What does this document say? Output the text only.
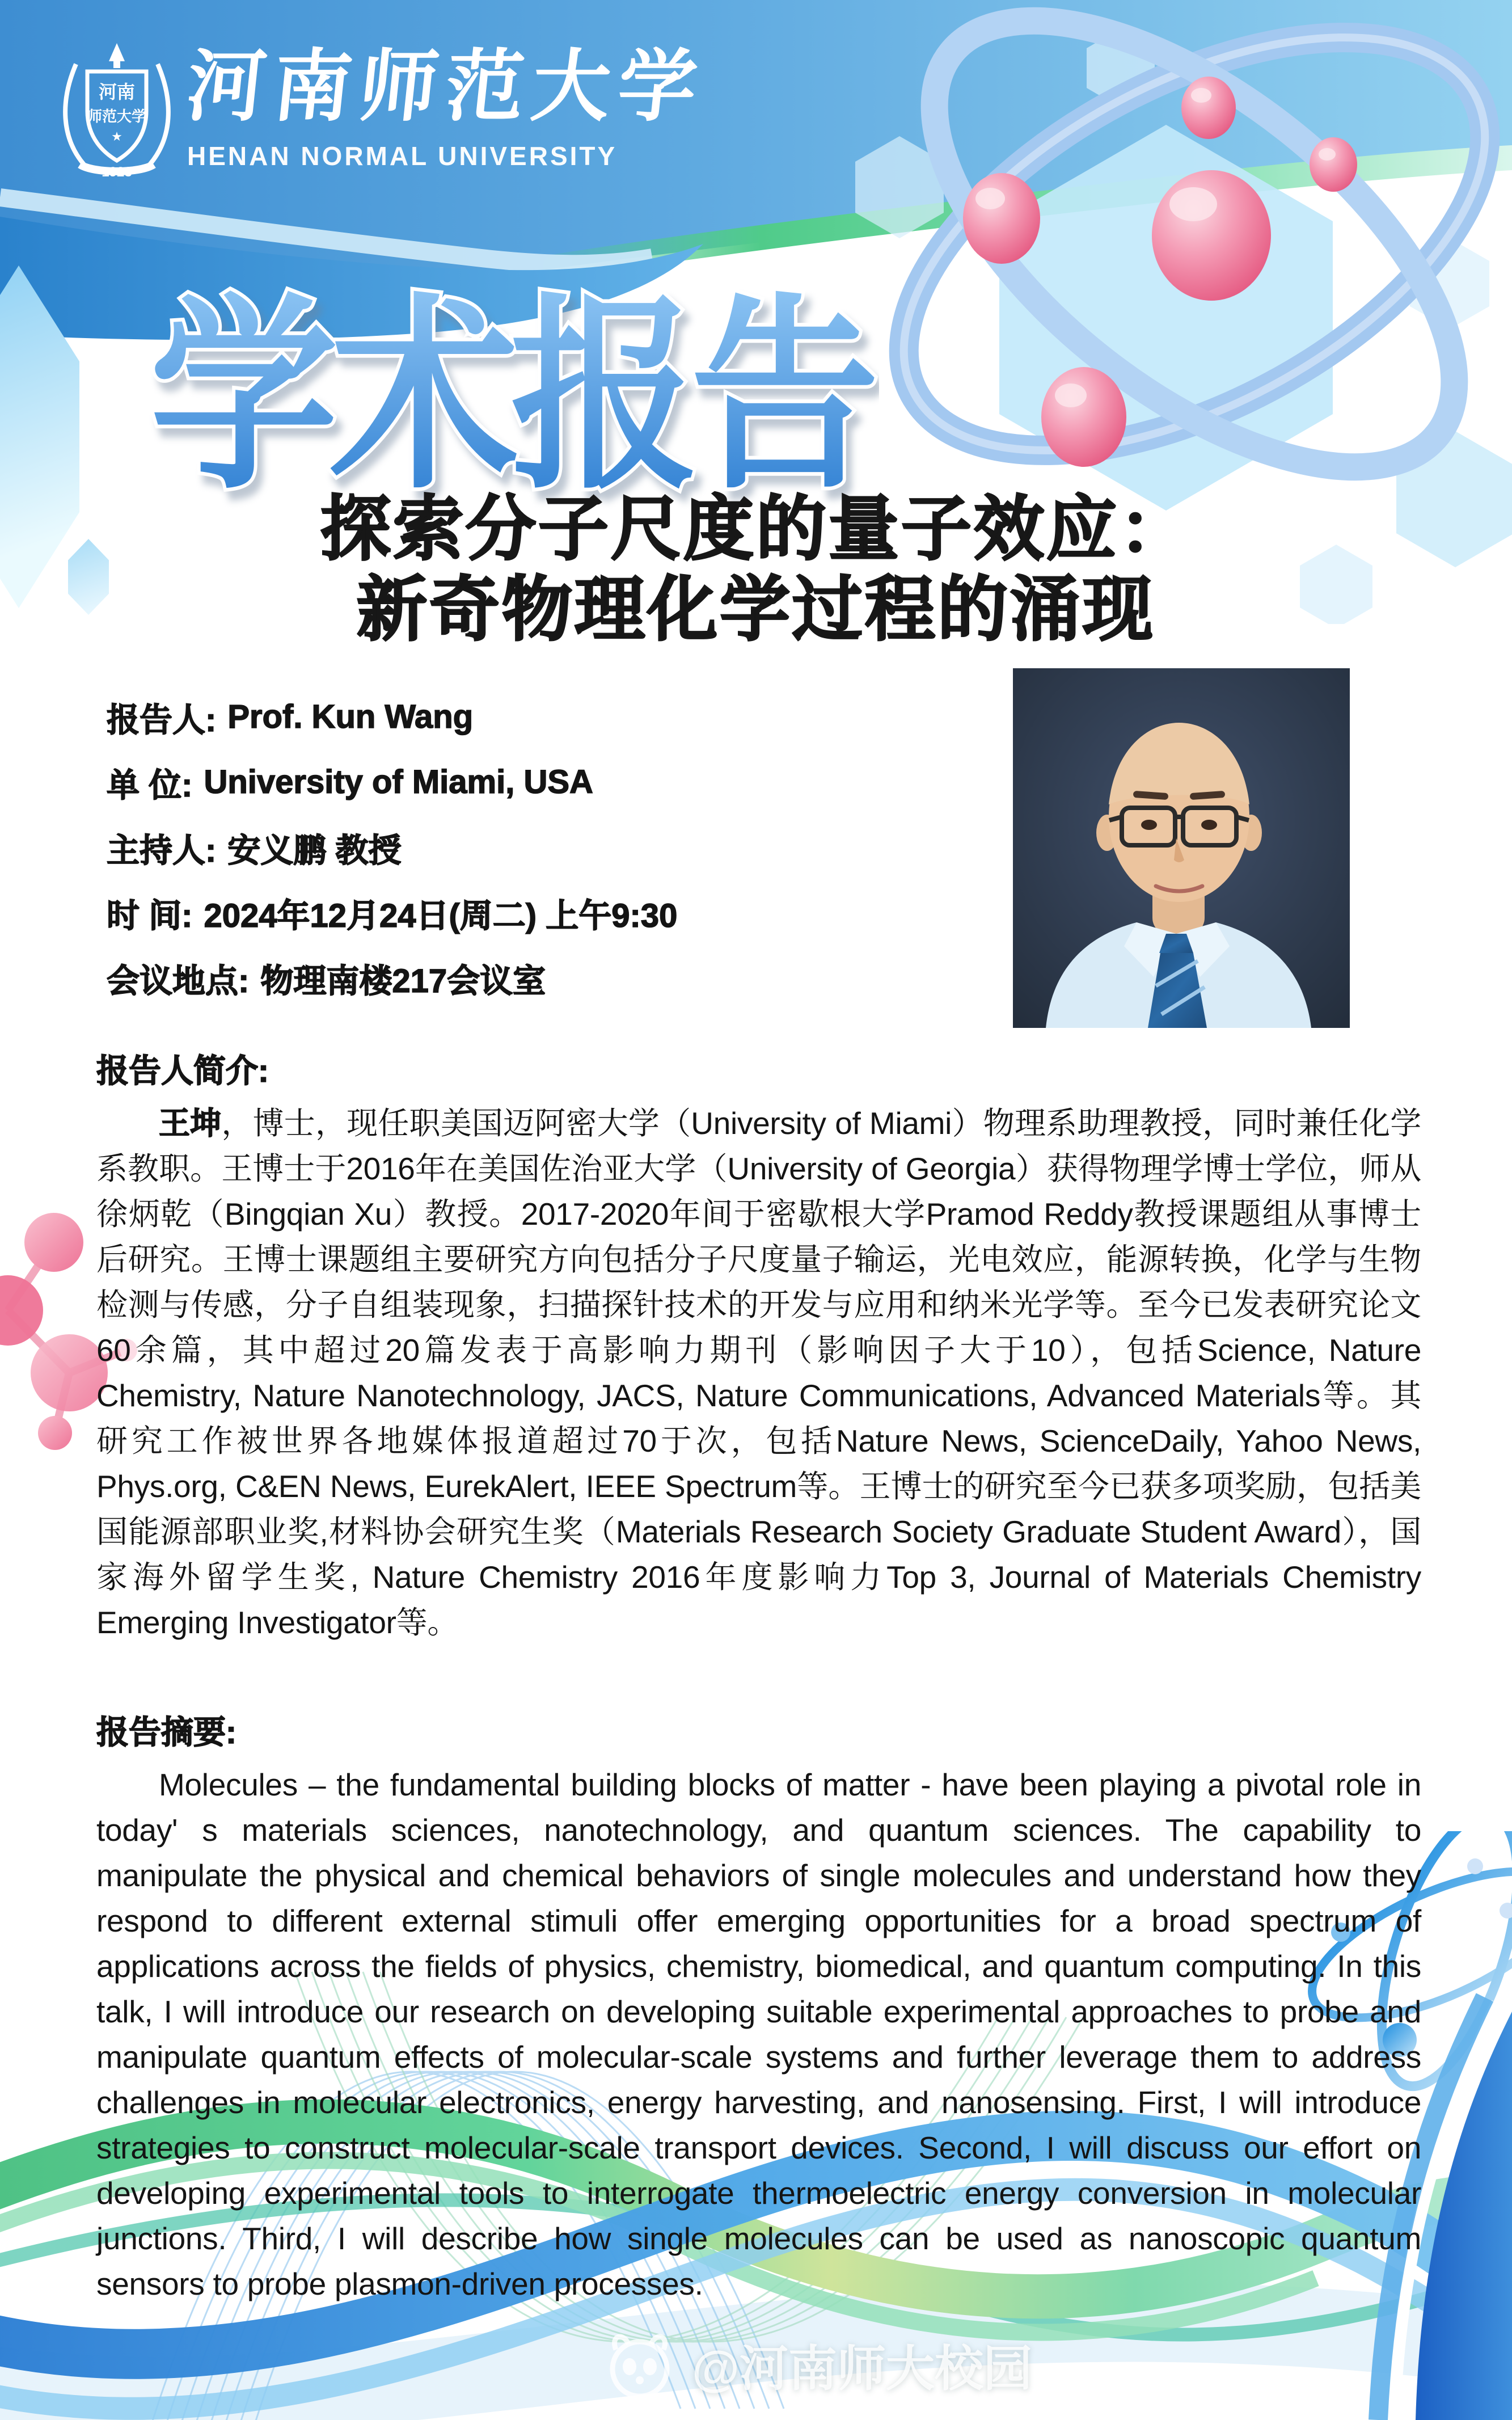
河南
师范大学
★
1923
河南师范大学
HENAN NORMAL UNIVERSITY
学术报告
探索分子尺度的量子效应：
新奇物理化学过程的涌现
报告人: Prof. Kun Wang
单 位: University of Miami, USA
主持人: 安义鹏 教授
时 间: 2024年12月24日(周二) 上午9:30
会议地点: 物理南楼217会议室
报告人简介:

王坤，博士，现任职美国迈阿密大学（University of Miami）物理系助理教授，同时兼任化学系教职。王博士于2016年在美国佐治亚大学（University of Georgia）获得物理学博士学位，师从徐炳乾（Bingqian Xu）教授。2017-2020年间于密歇根大学Pramod Reddy教授课题组从事博士后研究。王博士课题组主要研究方向包括分子尺度量子输运，光电效应，能源转换，化学与生物检测与传感，分子自组装现象，扫描探针技术的开发与应用和纳米光学等。至今已发表研究论文60余篇，其中超过20篇发表于高影响力期刊（影响因子大于10），包括Science, Nature Chemistry, Nature Nanotechnology, JACS, Nature Communications, Advanced Materials等。其研究工作被世界各地媒体报道超过70于次，包括Nature News, ScienceDaily, Yahoo News, Phys.org, C&EN News, EurekAlert, IEEE Spectrum等。王博士的研究至今已获多项奖励，包括美国能源部职业奖,材料协会研究生奖（Materials Research Society Graduate Student Award），国家海外留学生奖, Nature Chemistry 2016年度影响力Top 3, Journal of Materials Chemistry Emerging Investigator等。

报告摘要:

Molecules – the fundamental building blocks of matter - have been playing a pivotal role in today' s materials sciences, nanotechnology, and quantum sciences. The capability to manipulate the physical and chemical behaviors of single molecules and understand how they respond to different external stimuli offer emerging opportunities for a broad spectrum of applications across the fields of physics, chemistry, biomedical, and quantum computing. In this talk, I will introduce our research on developing suitable experimental approaches to probe and manipulate quantum effects of molecular-scale systems and further leverage them to address challenges in molecular electronics, energy harvesting, and nanosensing. First, I will introduce strategies to construct molecular-scale transport devices. Second, I will discuss our effort on developing experimental tools to interrogate thermoelectric energy conversion in molecular junctions. Third, I will describe how single molecules can be used as nanoscopic quantum sensors to probe plasmon-driven processes.

@河南师大校园
